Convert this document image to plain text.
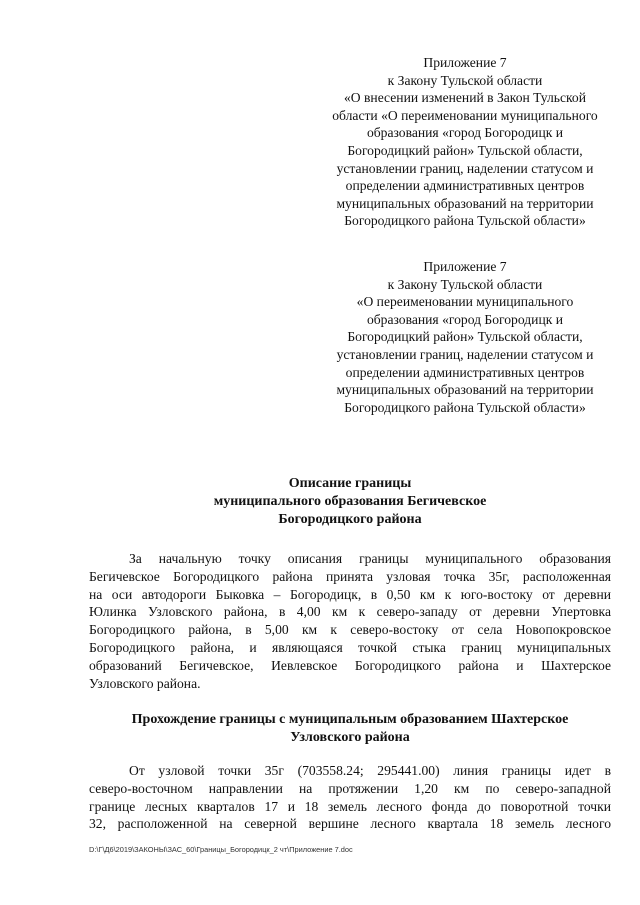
Приложение 7
к Закону Тульской области
«О внесении изменений в Закон Тульской
области «О переименовании муниципального
образования «город Богородицк и
Богородицкий район» Тульской области,
установлении границ, наделении статусом и
определении административных центров
муниципальных образований на территории
Богородицкого района Тульской области»
Приложение 7
к Закону Тульской области
«О переименовании муниципального
образования «город Богородицк и
Богородицкий район» Тульской области,
установлении границ, наделении статусом и
определении административных центров
муниципальных образований на территории
Богородицкого района Тульской области»
Описание границы
муниципального образования Бегичевское
Богородицкого района
За начальную точку описания границы муниципального образования
Бегичевское Богородицкого района принята узловая точка 35г, расположенная
на оси автодороги Быковка – Богородицк, в 0,50 км к юго-востоку от деревни
Юлинка Узловского района, в 4,00 км к северо-западу от деревни Упертовка
Богородицкого района, в 5,00 км к северо-востоку от села Новопокровское
Богородицкого района, и являющаяся точкой стыка границ муниципальных
образований Бегичевское, Иевлевское Богородицкого района и Шахтерское
Узловского района.
Прохождение границы с муниципальным образованием Шахтерское
Узловского района
От узловой точки 35г (703558.24; 295441.00) линия границы идет в
северо-восточном направлении на протяжении 1,20 км по северо-западной
границе лесных кварталов 17 и 18 земель лесного фонда до поворотной точки
32, расположенной на северной вершине лесного квартала 18 земель лесного
D:\Г\Д6\2019\ЗАКОНЫ\ЗАС_60\Границы_Богородицк_2 чт\Приложение 7.doc
